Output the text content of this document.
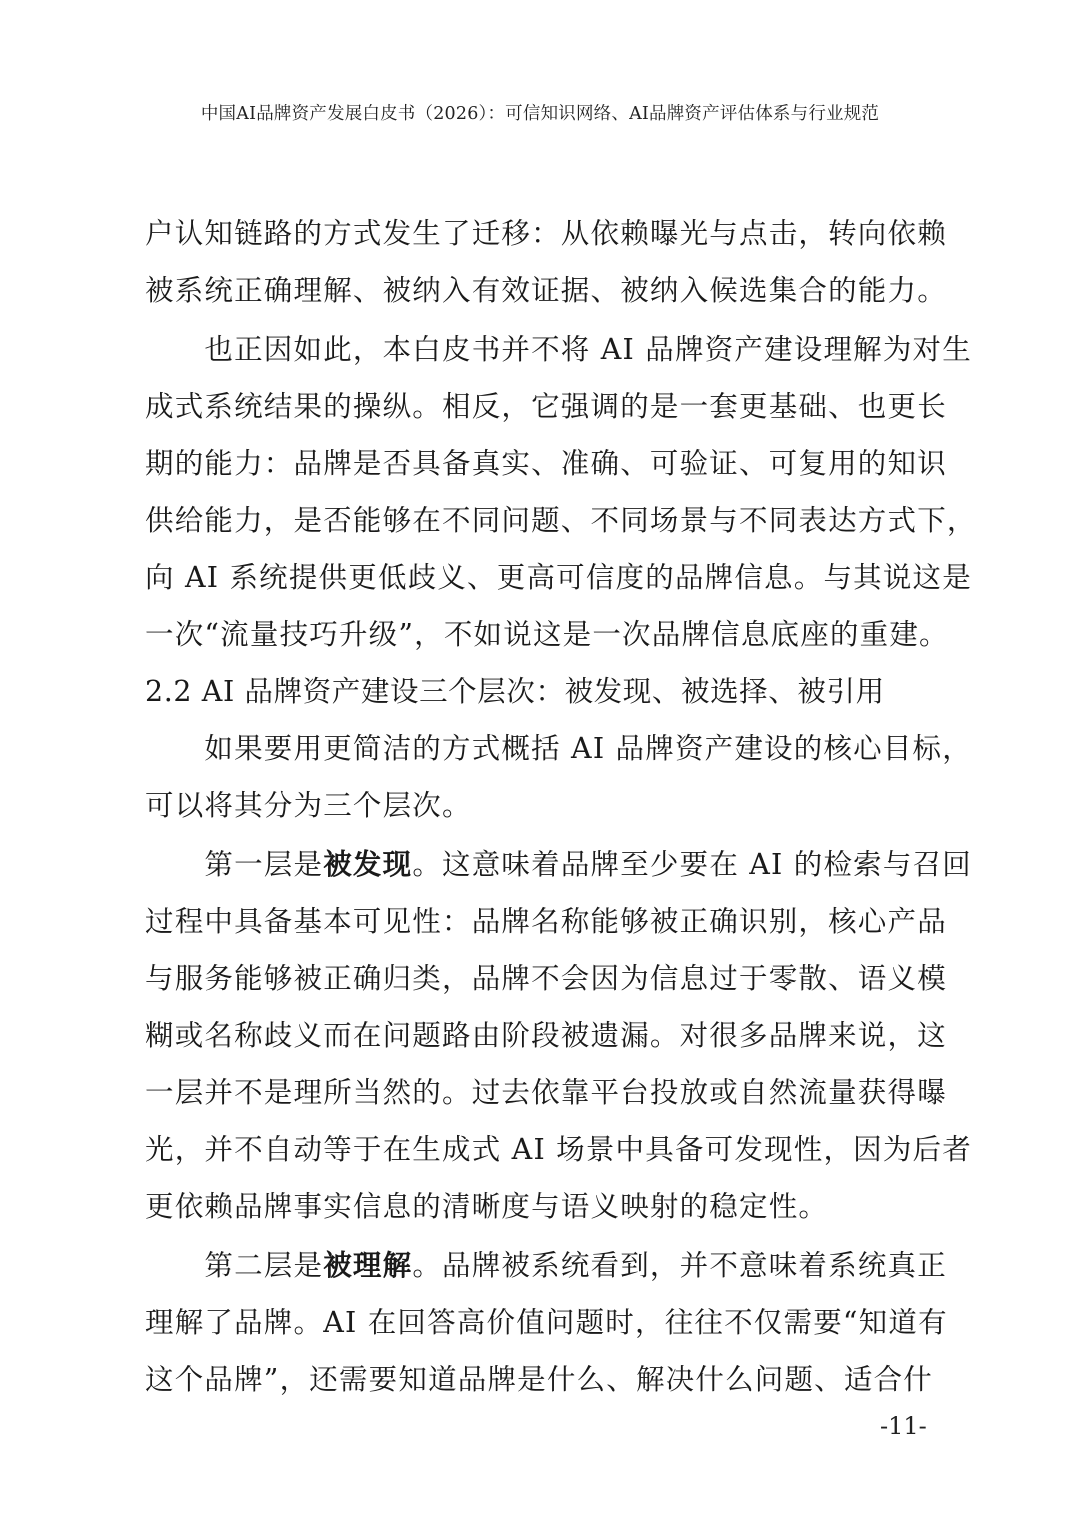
中国AI品牌资产发展白皮书（2026）：可信知识网络、AI品牌资产评估体系与行业规范
户认知链路的方式发生了迁移：从依赖曝光与点击，转向依赖
被系统正确理解、被纳入有效证据、被纳入候选集合的能力。
　　也正因如此，本白皮书并不将 AI 品牌资产建设理解为对生
成式系统结果的操纵。相反，它强调的是一套更基础、也更长
期的能力：品牌是否具备真实、准确、可验证、可复用的知识
供给能力，是否能够在不同问题、不同场景与不同表达方式下，
向 AI 系统提供更低歧义、更高可信度的品牌信息。与其说这是
一次“流量技巧升级”，不如说这是一次品牌信息底座的重建。
2.2 AI 品牌资产建设三个层次：被发现、被选择、被引用
　　如果要用更简洁的方式概括 AI 品牌资产建设的核心目标，
可以将其分为三个层次。
　　第一层是被发现。这意味着品牌至少要在 AI 的检索与召回
过程中具备基本可见性：品牌名称能够被正确识别，核心产品
与服务能够被正确归类，品牌不会因为信息过于零散、语义模
糊或名称歧义而在问题路由阶段被遗漏。对很多品牌来说，这
一层并不是理所当然的。过去依靠平台投放或自然流量获得曝
光，并不自动等于在生成式 AI 场景中具备可发现性，因为后者
更依赖品牌事实信息的清晰度与语义映射的稳定性。
　　第二层是被理解。品牌被系统看到，并不意味着系统真正
理解了品牌。AI 在回答高价值问题时，往往不仅需要“知道有
这个品牌”，还需要知道品牌是什么、解决什么问题、适合什
-11-
